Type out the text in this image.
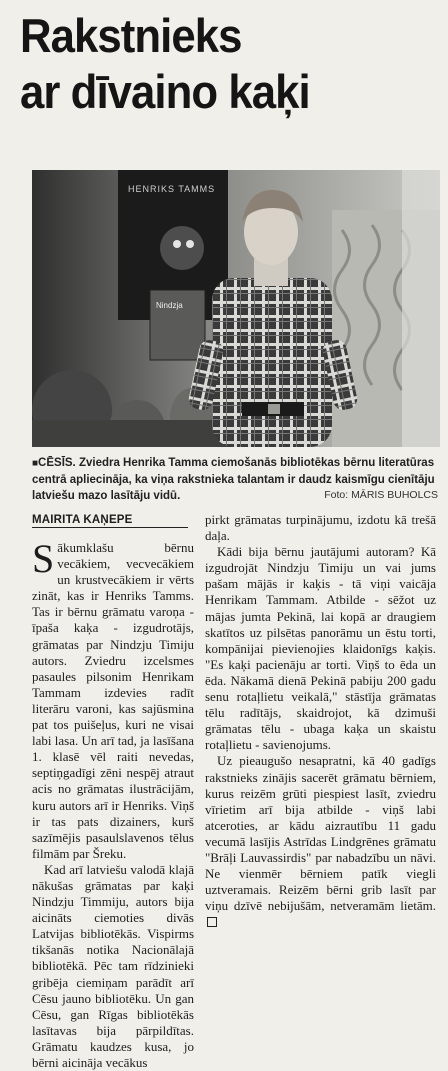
Rakstnieks
ar dīvaino kaķi
HENRIKS TAMMS
Nindzja
■CĒSĪS. Zviedra Henrika Tamma ciemošanās bibliotēkas bērnu literatūras centrā apliecināja, ka viņa rakstnieka talantam ir daudz kaismīgu cienītāju latviešu mazo lasītāju vidū.	Foto: MĀRIS BUHOLCS
MAIRITA KAŅEPE

Sākumklašu bērnu vecākiem, vecvecākiem un krustvecākiem ir vērts zināt, kas ir Henriks Tamms. Tas ir bērnu grāmatu varoņa - īpaša kaķa - izgudrotājs, grāmatas par Nindzju Timiju autors. Zviedru izcelsmes pasaules pilsonim Henrikam Tammam izdevies radīt literāru varoni, kas sajūsmina pat tos puišeļus, kuri ne visai labi lasa. Un arī tad, ja lasīšana 1. klasē vēl raiti nevedas, septiņgadīgi zēni nespēj atraut acis no grāmatas ilustrācijām, kuru autors arī ir Henriks. Viņš ir tas pats dizainers, kurš sazīmējis pasaulslavenos tēlus filmām par Šreku.

Kad arī latviešu valodā klajā nākušas grāmatas par kaķi Nindzju Timmiju, autors bija aicināts ciemoties divās Latvijas bibliotēkās. Vispirms tikšanās notika Nacionālajā bibliotēkā. Pēc tam rīdzinieki gribēja ciemiņam parādīt arī Cēsu jauno bibliotēku. Un gan Cēsu, gan Rīgas bibliotēkās lasītavas bija pārpildītas. Grāmatu kaudzes kusa, jo bērni aicināja vecākus

pirkt grāmatas turpinājumu, izdotu kā trešā daļa.

Kādi bija bērnu jautājumi autoram? Kā izgudrojāt Nindzju Timiju un vai jums pašam mājās ir kaķis - tā viņi vaicāja Henrikam Tammam. Atbilde - sēžot uz mājas jumta Pekinā, lai kopā ar draugiem skatītos uz pilsētas panorāmu un ēstu torti, kompānijai pievienojies klaidonīgs kaķis. "Es kaķi pacienāju ar torti. Viņš to ēda un ēda. Nākamā dienā Pekinā pabiju 200 gadu senu rotaļlietu veikalā," stāstīja grāmatas tēlu radītājs, skaidrojot, kā dzimuši grāmatas tēlu - ubaga kaķa un skaistu rotaļlietu - savienojums.

Uz pieaugušo nesapratni, kā 40 gadīgs rakstnieks zinājis sacerēt grāmatu bērniem, kurus reizēm grūti piespiest lasīt, zviedru vīrietim arī bija atbilde - viņš labi atceroties, ar kādu aizrautību 11 gadu vecumā lasījis Astrīdas Lindgrēnes grāmatu "Brāļi Lauvassirdis" par nabadzību un nāvi. Ne vienmēr bērniem patīk viegli uztveramais. Reizēm bērni grib lasīt par viņu dzīvē nebijušām, netveramām lietām.
